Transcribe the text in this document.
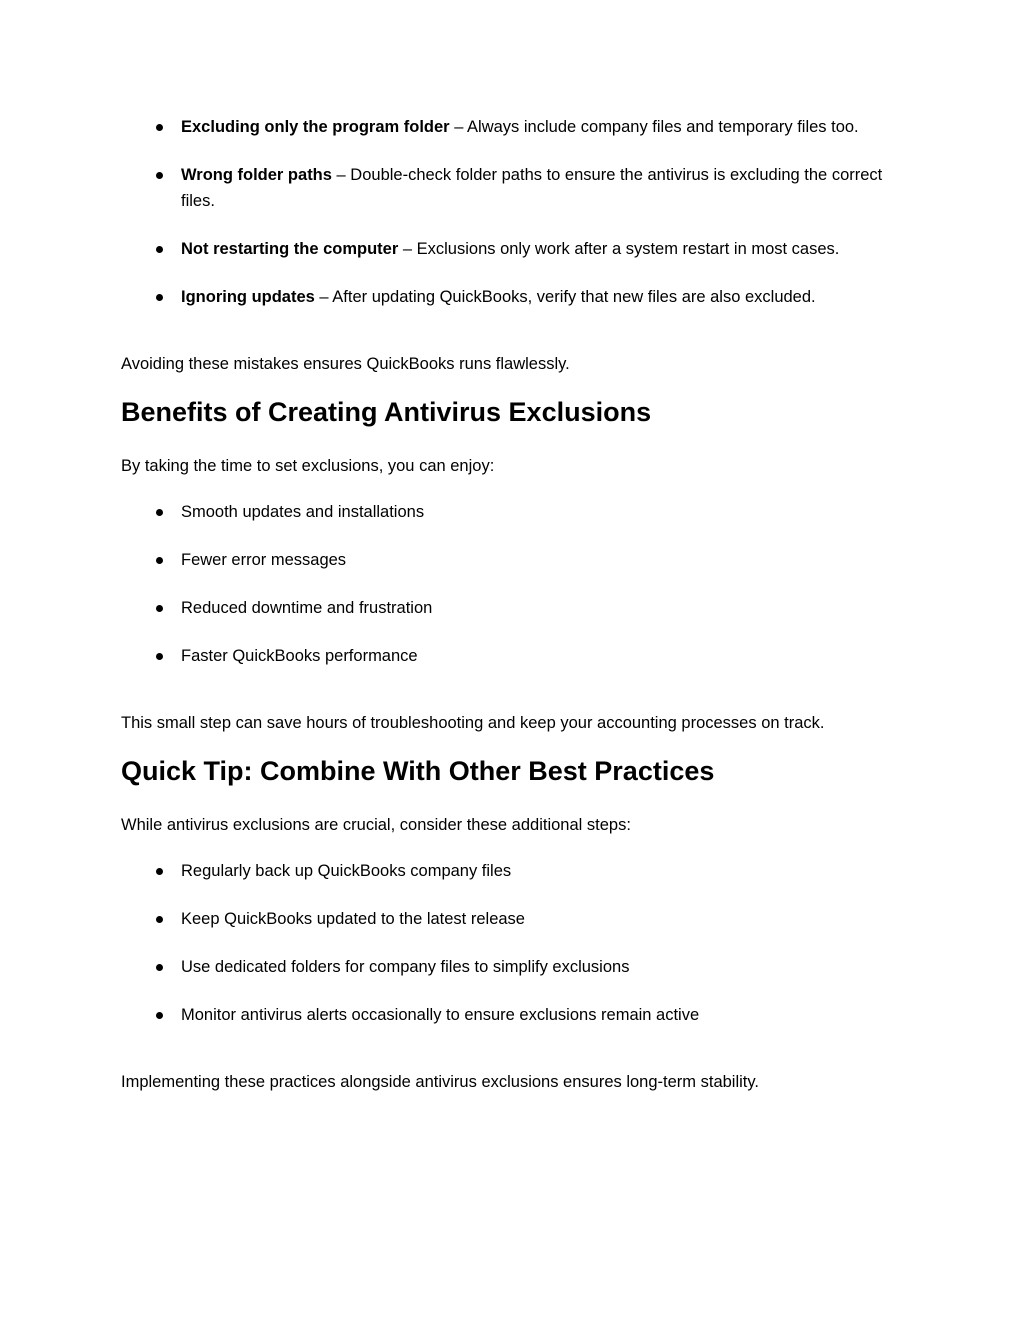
Excluding only the program folder – Always include company files and temporary files too.
Wrong folder paths – Double-check folder paths to ensure the antivirus is excluding the correct files.
Not restarting the computer – Exclusions only work after a system restart in most cases.
Ignoring updates – After updating QuickBooks, verify that new files are also excluded.

Avoiding these mistakes ensures QuickBooks runs flawlessly.

Benefits of Creating Antivirus Exclusions

By taking the time to set exclusions, you can enjoy:

Smooth updates and installations
Fewer error messages
Reduced downtime and frustration
Faster QuickBooks performance

This small step can save hours of troubleshooting and keep your accounting processes on track.

Quick Tip: Combine With Other Best Practices

While antivirus exclusions are crucial, consider these additional steps:

Regularly back up QuickBooks company files
Keep QuickBooks updated to the latest release
Use dedicated folders for company files to simplify exclusions
Monitor antivirus alerts occasionally to ensure exclusions remain active

Implementing these practices alongside antivirus exclusions ensures long-term stability.
